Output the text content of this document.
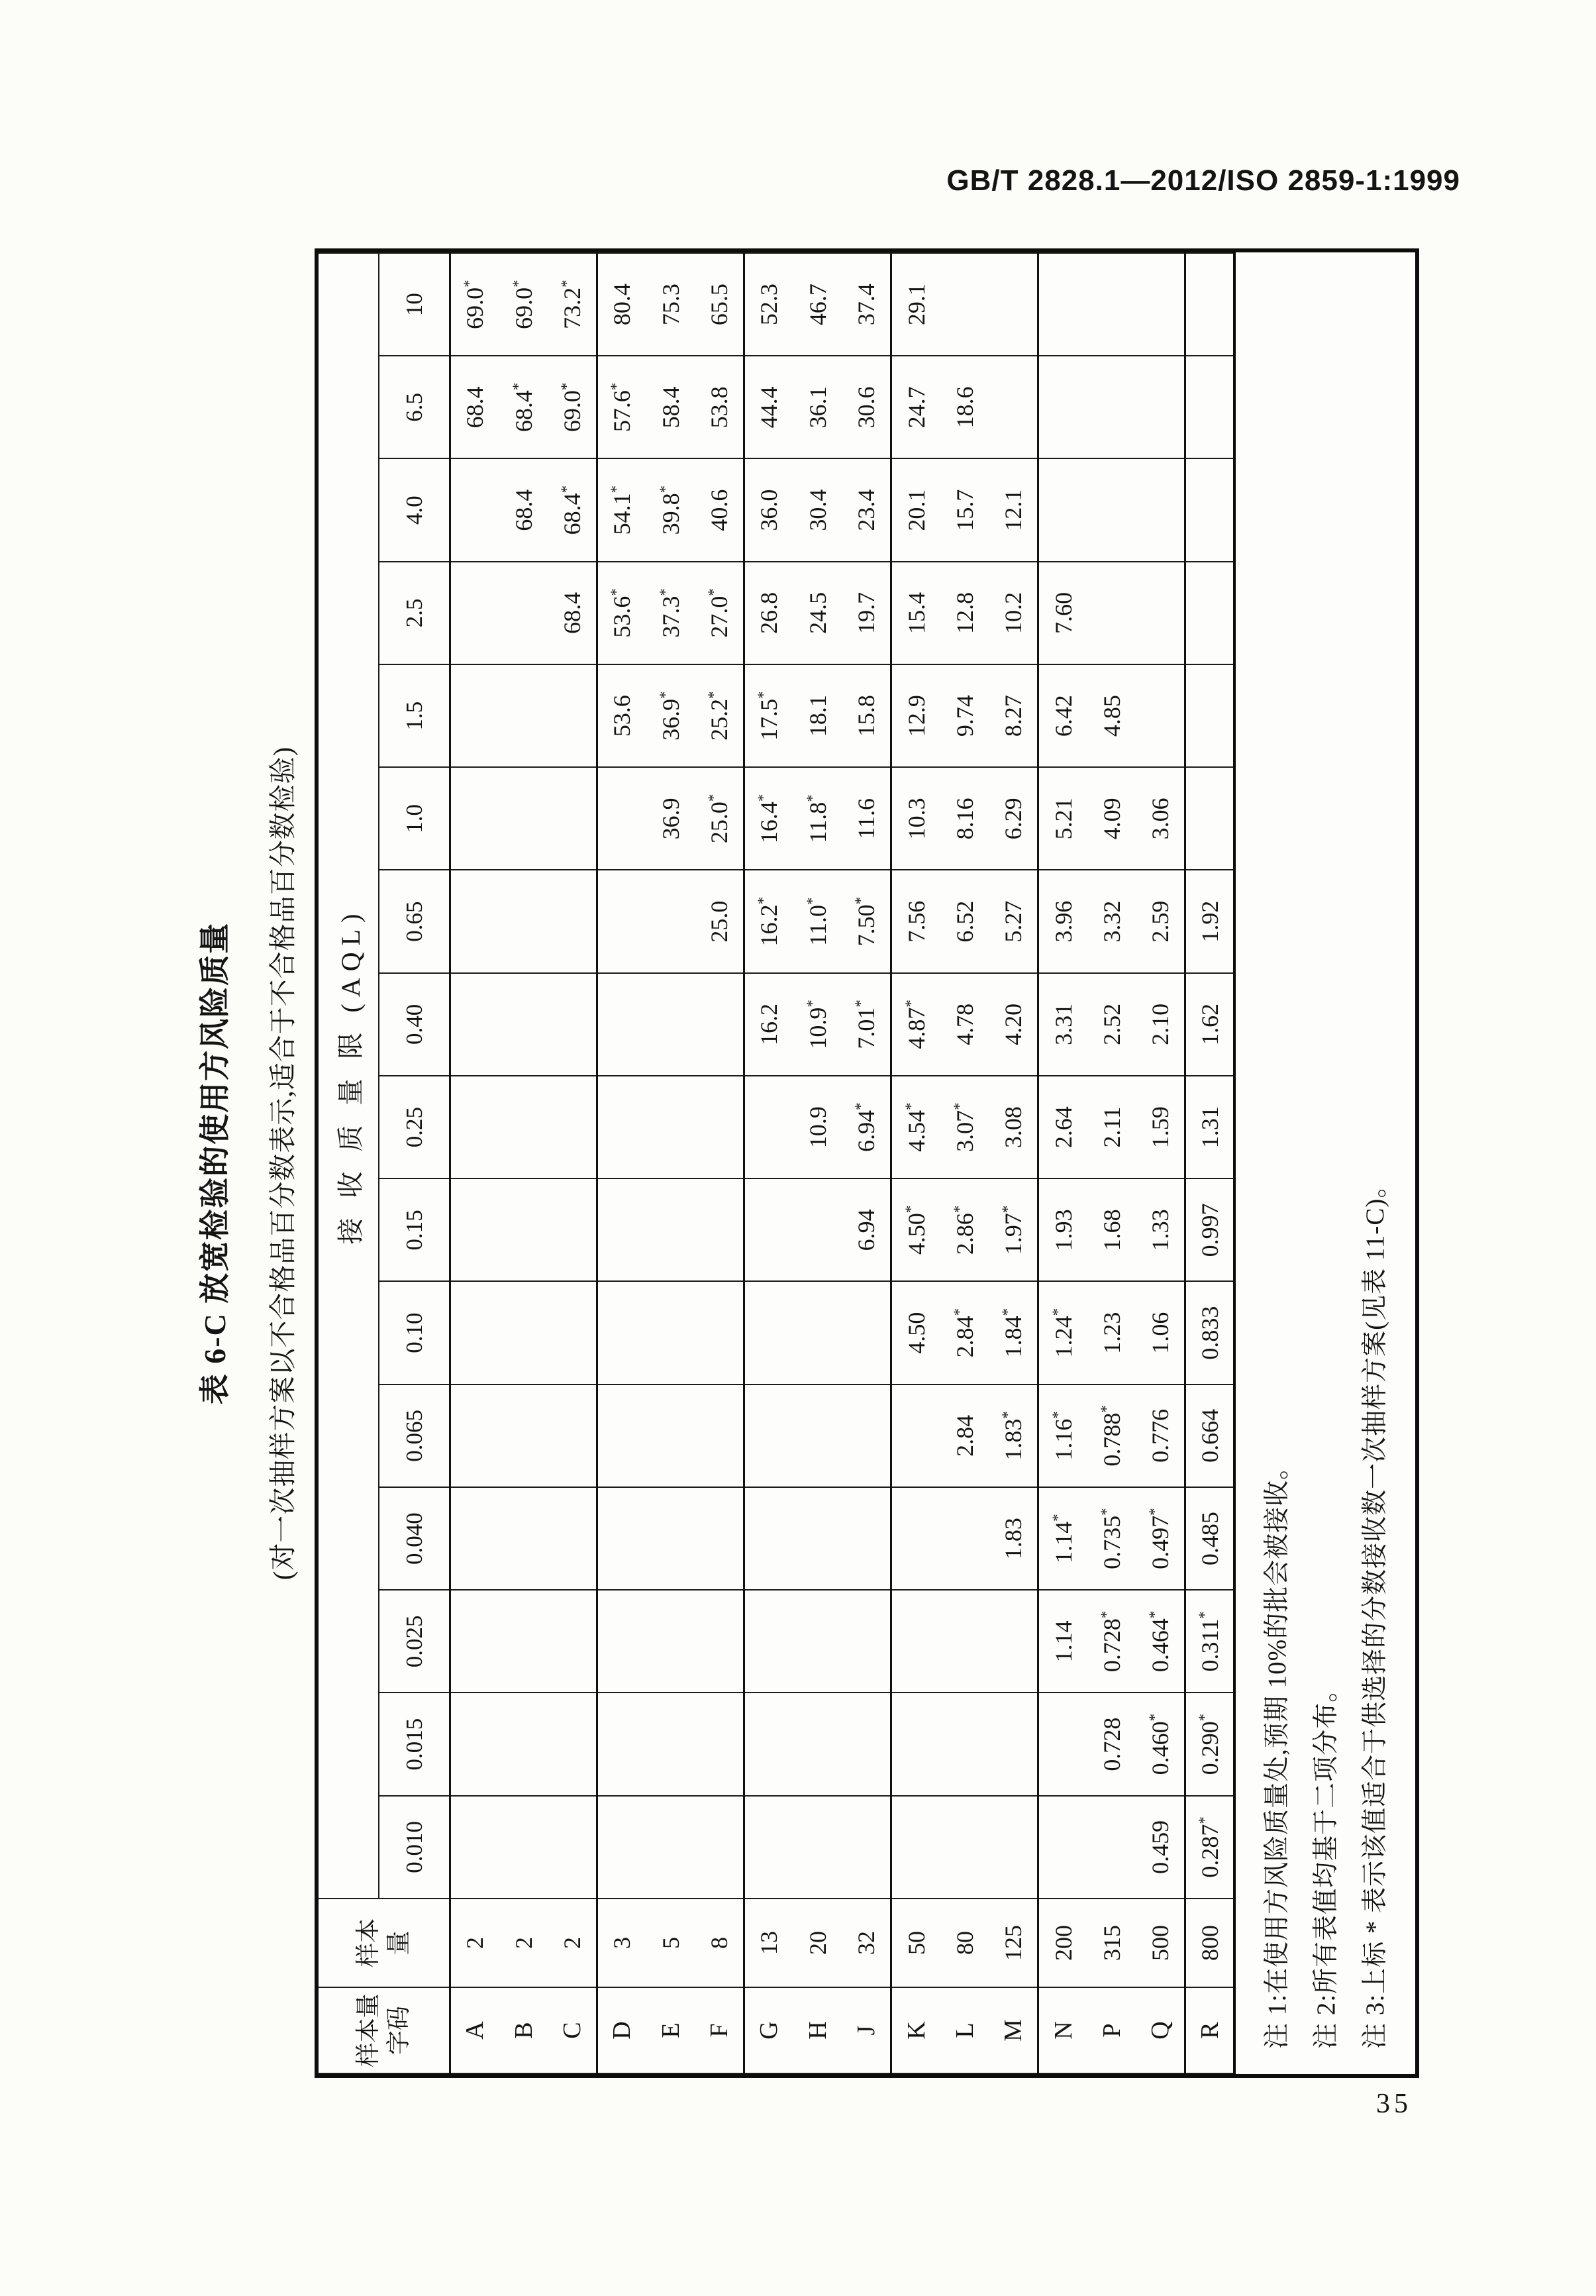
GB/T 2828.1—2012/ISO 2859-1:1999
表 6-C 放宽检验的使用方风险质量 (对一次抽样方案以不合格品百分数表示,适合于不合格品百分数检验)
样本量 字码

样本 量
	接 收 质 量 限 (AQL)
		0.010	0.015	0.025	0.040	0.065	0.10	0.15	0.25	0.40	0.65	1.0	1.5	2.5	4.0	6.5	10
A	2															68.4	69.0*
B	2														68.4	68.4*	69.0*
C	2													68.4	68.4*	69.0*	73.2*
D	3												53.6	53.6*	54.1*	57.6*	80.4
E	5											36.9	36.9*	37.3*	39.8*	58.4	75.3
F	8										25.0	25.0*	25.2*	27.0*	40.6	53.8	65.5
G	13									16.2	16.2*	16.4*	17.5*	26.8	36.0	44.4	52.3
H	20								10.9	10.9*	11.0*	11.8*	18.1	24.5	30.4	36.1	46.7
J	32							6.94	6.94*	7.01*	7.50*	11.6	15.8	19.7	23.4	30.6	37.4
K	50						4.50	4.50*	4.54*	4.87*	7.56	10.3	12.9	15.4	20.1	24.7	29.1
L	80					2.84	2.84*	2.86*	3.07*	4.78	6.52	8.16	9.74	12.8	15.7	18.6	
M	125				1.83	1.83*	1.84*	1.97*	3.08	4.20	5.27	6.29	8.27	10.2	12.1		
N	200			1.14	1.14*	1.16*	1.24*	1.93	2.64	3.31	3.96	5.21	6.42	7.60			
P	315		0.728	0.728*	0.735*	0.788*	1.23	1.68	2.11	2.52	3.32	4.09	4.85				
Q	500	0.459	0.460*	0.464*	0.497*	0.776	1.06	1.33	1.59	2.10	2.59	3.06					
R	800	0.287*	0.290*	0.311*	0.485	0.664	0.833	0.997	1.31	1.62	1.92						
注 1:在使用方风险质量处,预期 10%的批会被接收。 注 2:所有表值均基于二项分布。 注 3:上标 * 表示该值适合于供选择的分数接收数一次抽样方案(见表 11-C)。
35
